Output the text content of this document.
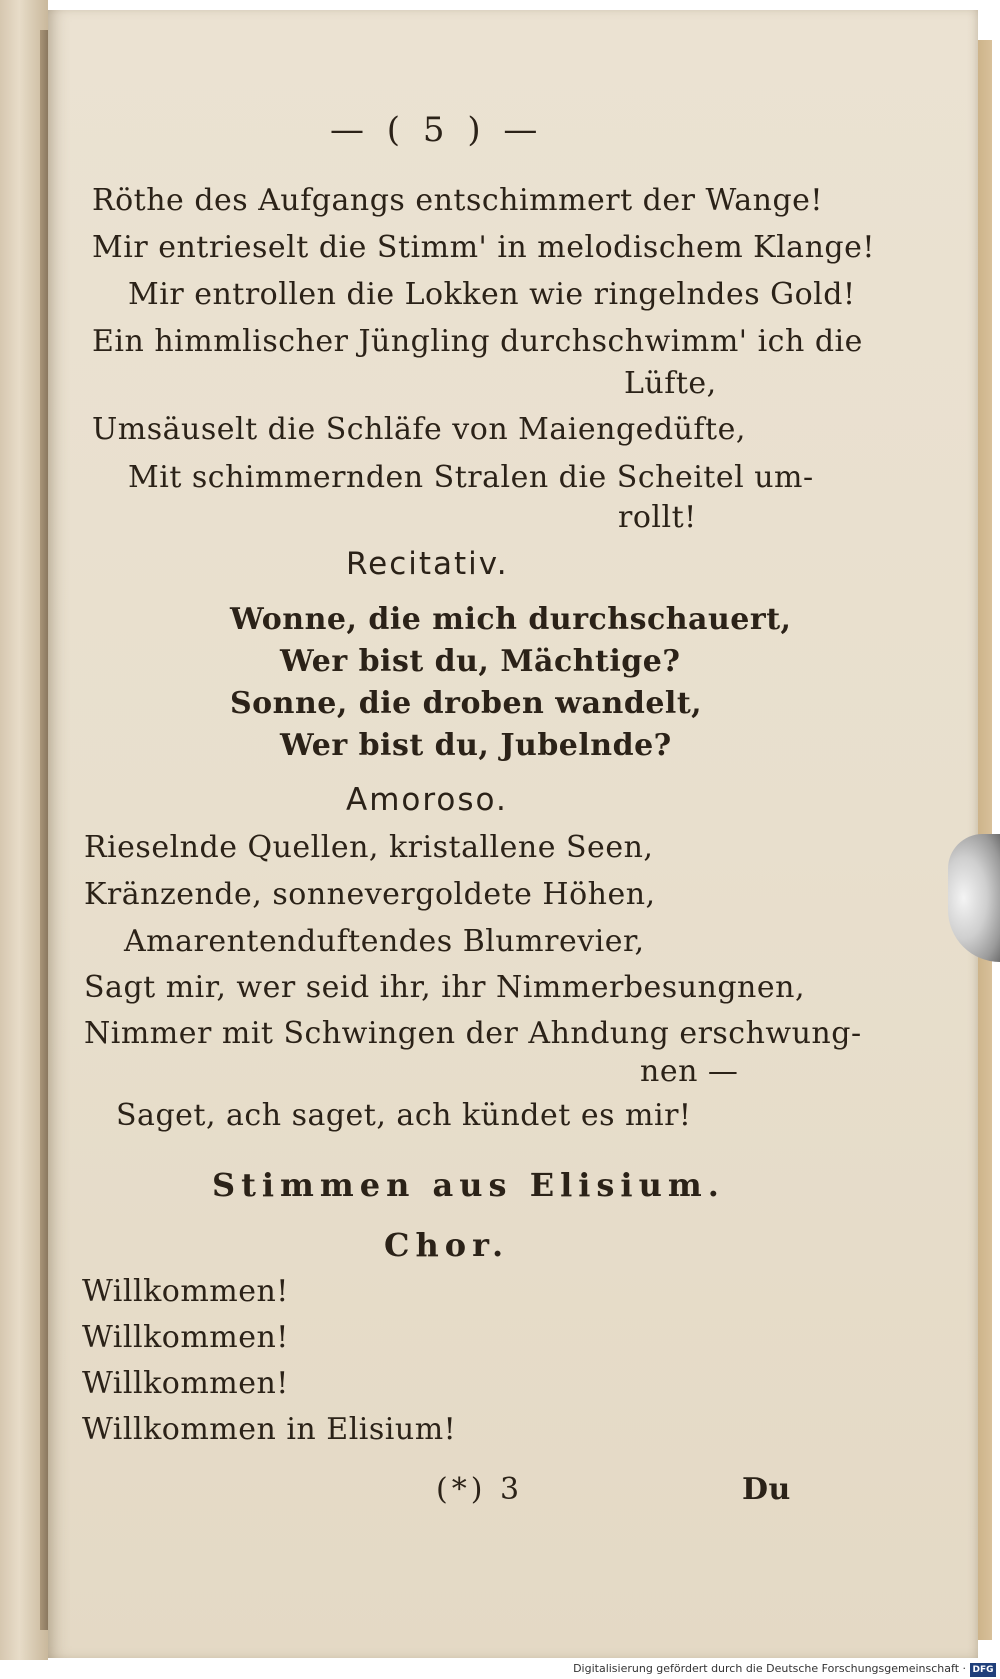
— ( 5 ) —
Röthe des Aufgangs entschimmert der Wange!
Mir entrieselt die Stimm' in melodischem Klange!
Mir entrollen die Lokken wie ringelndes Gold!
Ein himmlischer Jüngling durchschwimm' ich die
Lüfte,
Umsäuselt die Schläfe von Maiengedüfte,
Mit schimmernden Stralen die Scheitel um-
rollt!
Recitativ.
Wonne, die mich durchschauert,
Wer bist du, Mächtige?
Sonne, die droben wandelt,
Wer bist du, Jubelnde?
Amoroso.
Rieselnde Quellen, kristallene Seen,
Kränzende, sonnevergoldete Höhen,
Amarentenduftendes Blumrevier,
Sagt mir, wer seid ihr, ihr Nimmerbesungnen,
Nimmer mit Schwingen der Ahndung erschwung-
nen —
Saget, ach saget, ach kündet es mir!
Stimmen aus Elisium.
Chor.
Willkommen!
Willkommen!
Willkommen!
Willkommen in Elisium!
(*) 3	Du
Digitalisierung gefördert durch die Deutsche Forschungsgemeinschaft · DFG
